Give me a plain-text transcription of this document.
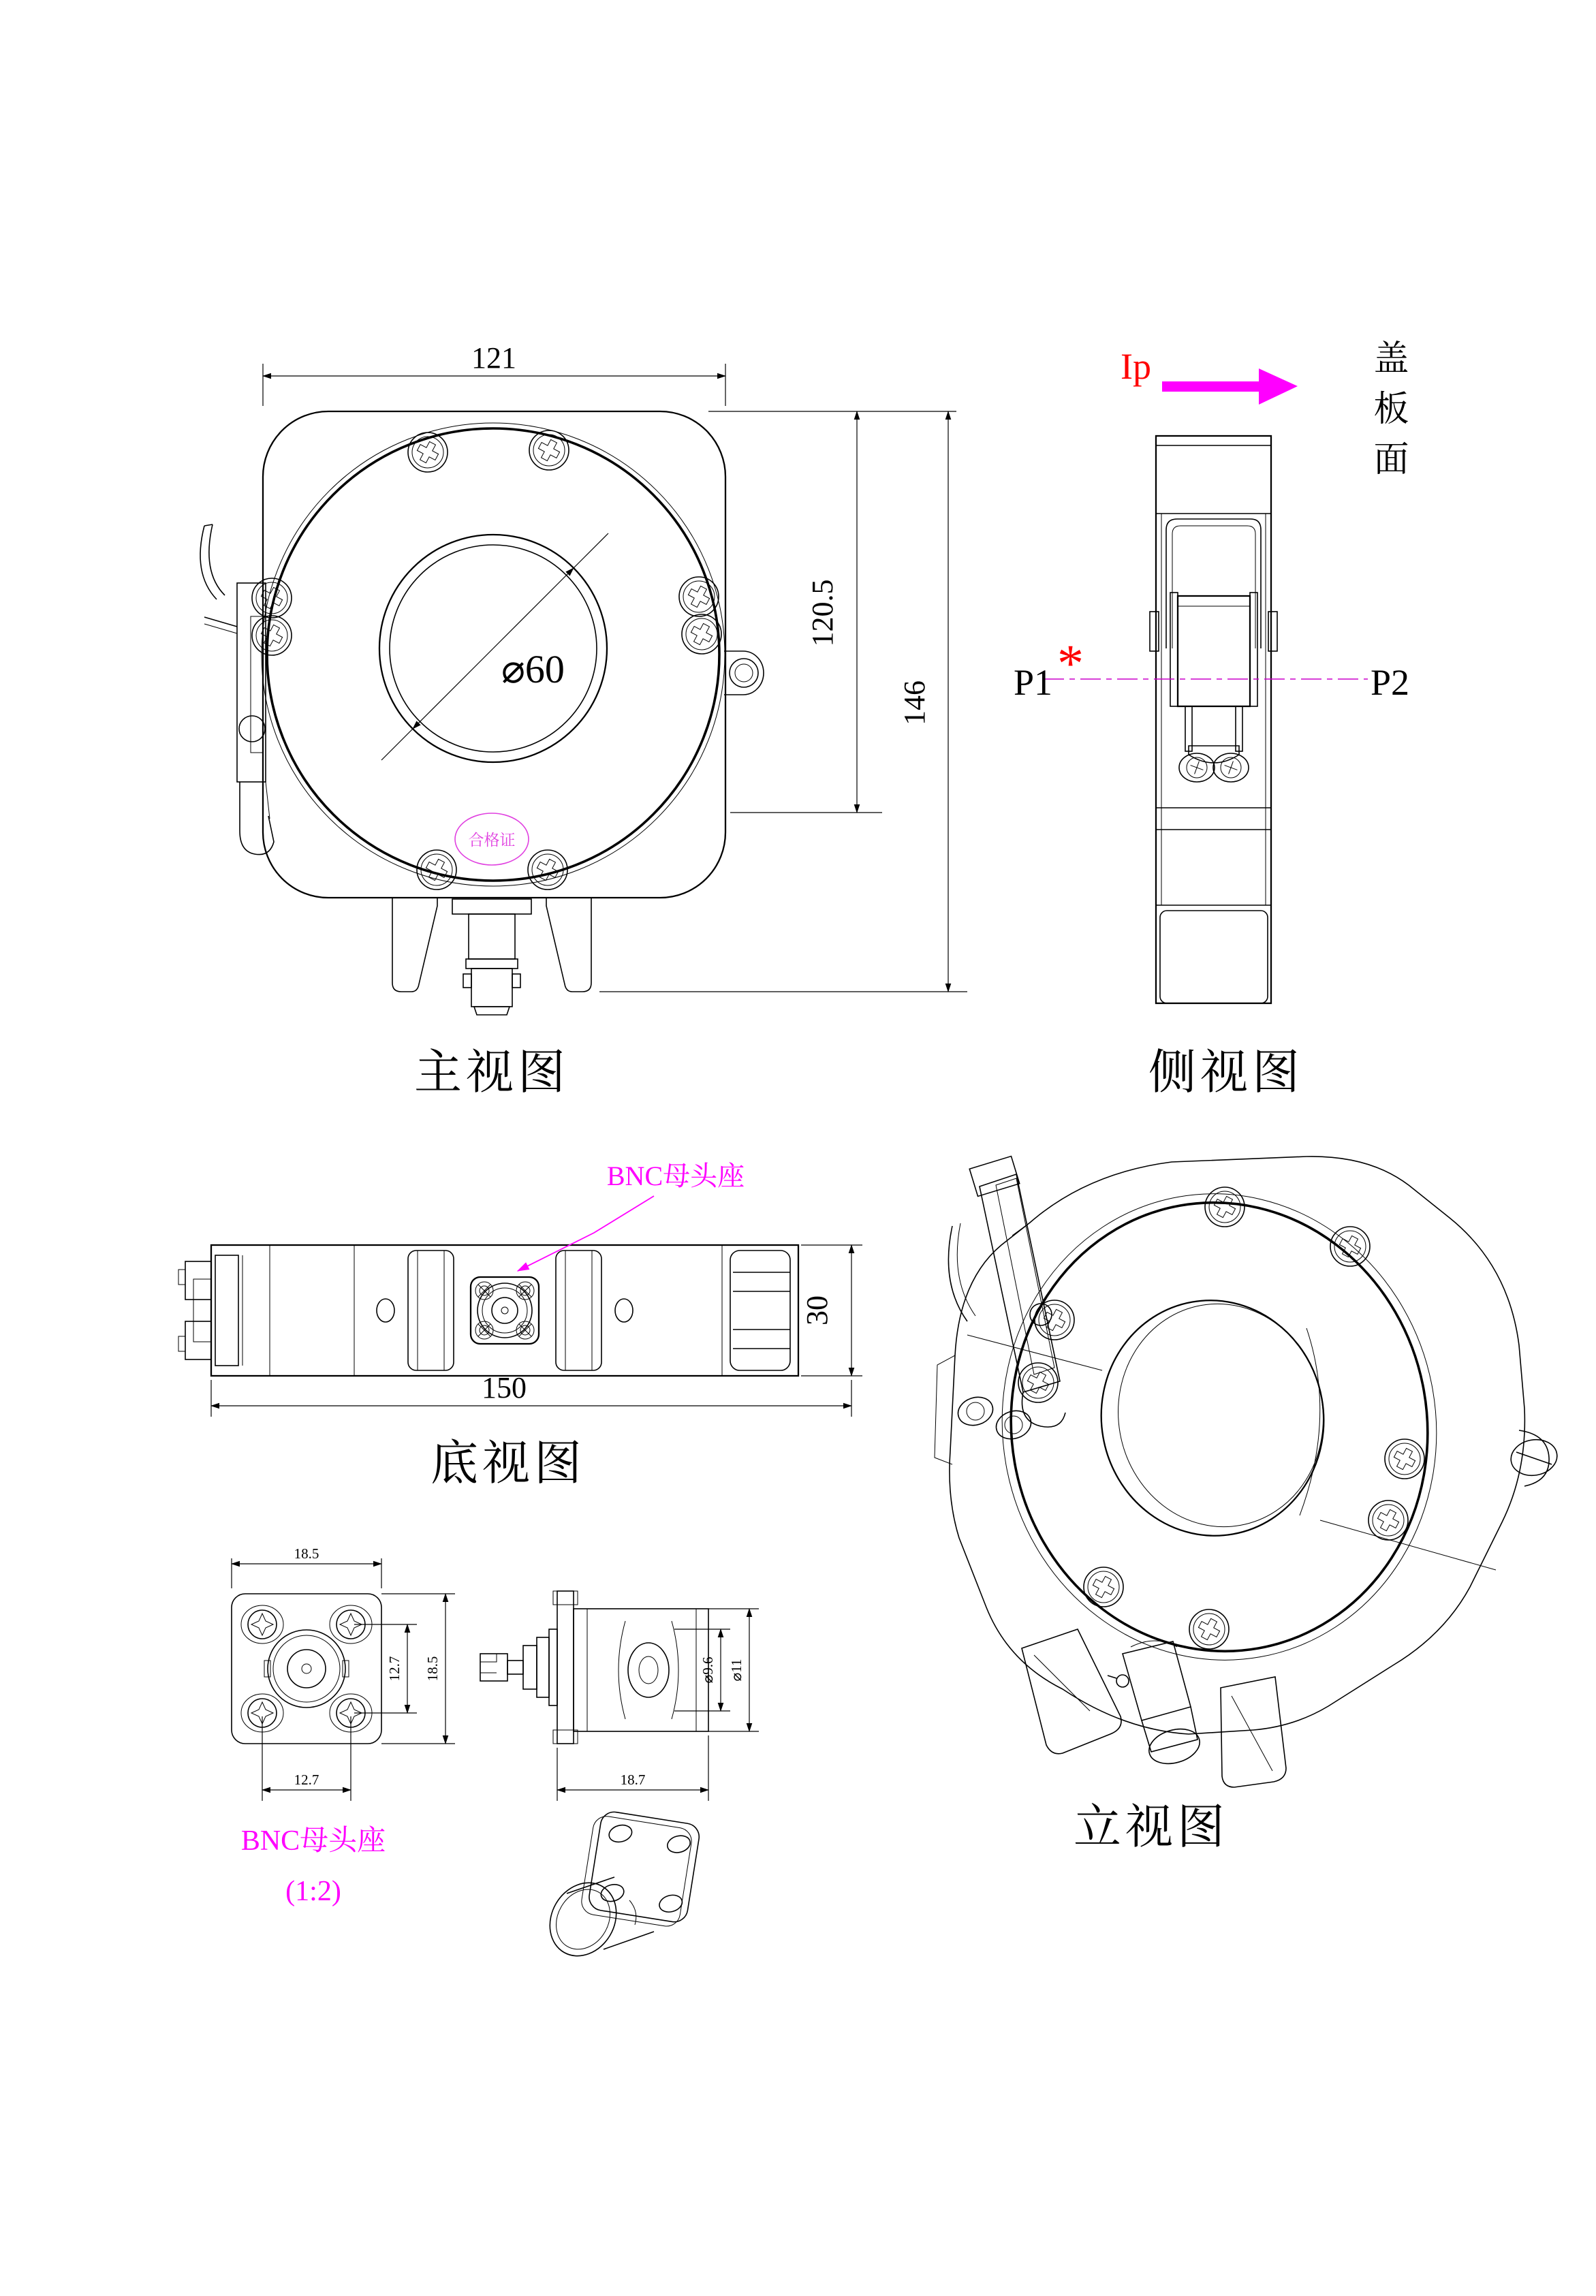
⌀60
合格证
121
120.5
146
主视图
Ip
P1	P2
*
侧视图
BNC母头座
30
150
底视图
18.5
12.7 18.5
12.7
⌀9.6 ⌀11
18.7
BNC母头座
(1:2)
立视图
盖板面
